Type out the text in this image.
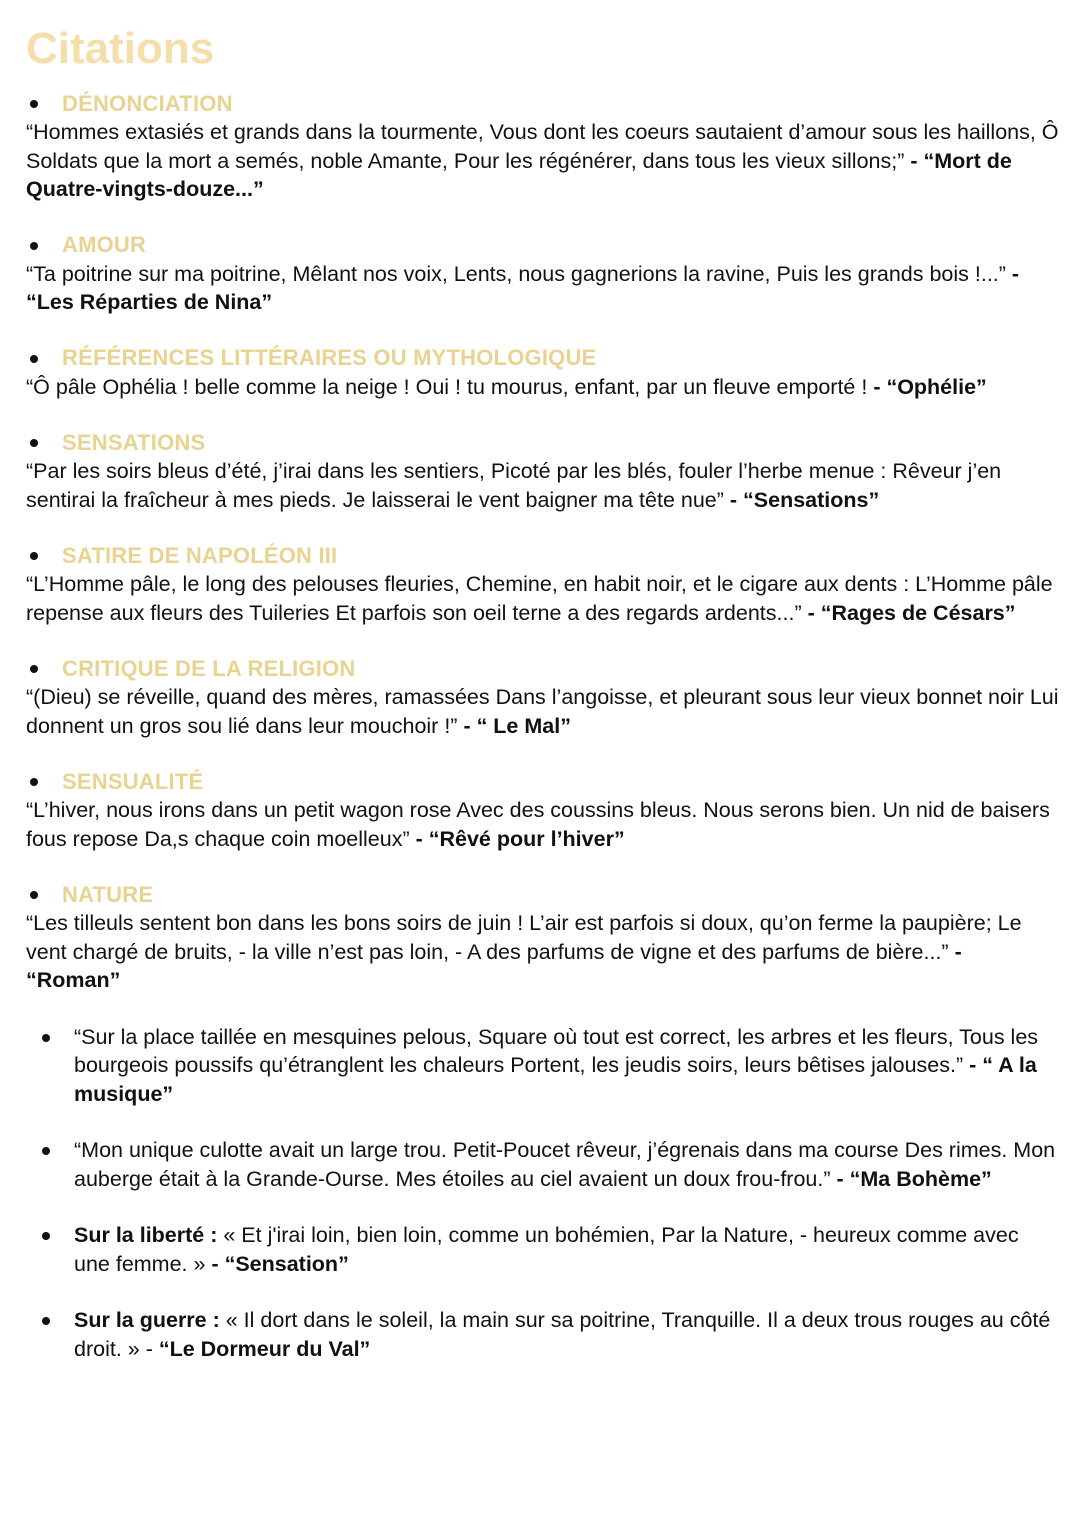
Citations
DÉNONCIATION

“Hommes extasiés et grands dans la tourmente, Vous dont les coeurs sautaient d’amour sous les haillons, Ô Soldats que la mort a semés, noble Amante, Pour les régénérer, dans tous les vieux sillons;” - “Mort de Quatre-vingts-douze...”

AMOUR

“Ta poitrine sur ma poitrine, Mêlant nos voix, Lents, nous gagnerions la ravine, Puis les grands bois !...” - “Les Réparties de Nina”

RÉFÉRENCES LITTÉRAIRES OU MYTHOLOGIQUE

“Ô pâle Ophélia ! belle comme la neige ! Oui ! tu mourus, enfant, par un fleuve emporté ! - “Ophélie”

SENSATIONS

“Par les soirs bleus d’été, j’irai dans les sentiers, Picoté par les blés, fouler l’herbe menue : Rêveur j’en sentirai la fraîcheur à mes pieds. Je laisserai le vent baigner ma tête nue” - “Sensations”

SATIRE DE NAPOLÉON III

“L’Homme pâle, le long des pelouses fleuries, Chemine, en habit noir, et le cigare aux dents : L’Homme pâle repense aux fleurs des Tuileries Et parfois son oeil terne a des regards ardents...” - “Rages de Césars”

CRITIQUE DE LA RELIGION

“(Dieu) se réveille, quand des mères, ramassées Dans l’angoisse, et pleurant sous leur vieux bonnet noir Lui donnent un gros sou lié dans leur mouchoir !” - “ Le Mal”

SENSUALITÉ

“L’hiver, nous irons dans un petit wagon rose Avec des coussins bleus. Nous serons bien. Un nid de baisers fous repose Da,s chaque coin moelleux” - “Rêvé pour l’hiver”

NATURE

“Les tilleuls sentent bon dans les bons soirs de juin ! L’air est parfois si doux, qu’on ferme la paupière; Le vent chargé de bruits, - la ville n’est pas loin, - A des parfums de vigne et des parfums de bière...” - “Roman”

“Sur la place taillée en mesquines pelous, Square où tout est correct, les arbres et les fleurs, Tous les bourgeois poussifs qu’étranglent les chaleurs Portent, les jeudis soirs, leurs bêtises jalouses.” - “ A la musique”
“Mon unique culotte avait un large trou. Petit-Poucet rêveur, j’égrenais dans ma course Des rimes. Mon auberge était à la Grande-Ourse. Mes étoiles au ciel avaient un doux frou-frou.” - “Ma Bohème”
Sur la liberté : « Et j'irai loin, bien loin, comme un bohémien, Par la Nature, - heureux comme avec une femme. » - “Sensation”
Sur la guerre : « Il dort dans le soleil, la main sur sa poitrine, Tranquille. Il a deux trous rouges au côté droit. » - “Le Dormeur du Val”
